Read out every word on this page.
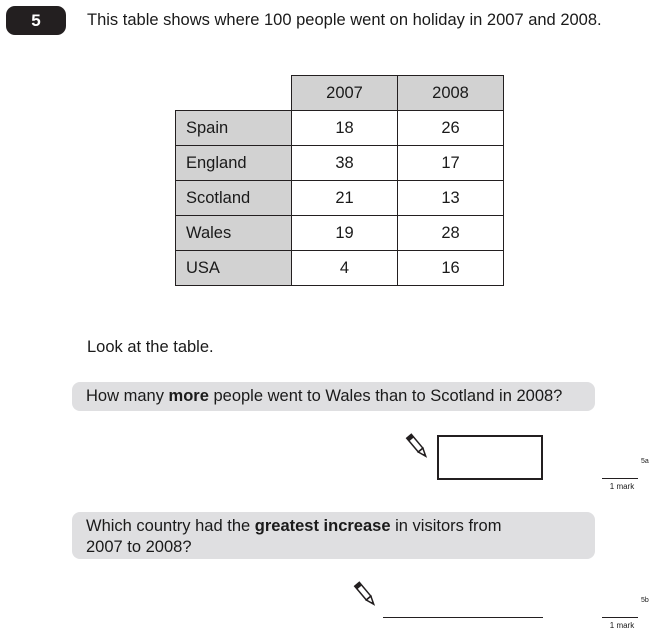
5	This table shows where 100 people went on holiday in 2007 and 2008.
	2007	2008
Spain	18	26
England	38	17
Scotland	21	13
Wales	19	28
USA	4	16
Look at the table.
How many more people went to Wales than to Scotland in 2008?
5a
1 mark
Which country had the greatest increase in visitors from
2007 to 2008?
5b
1 mark
